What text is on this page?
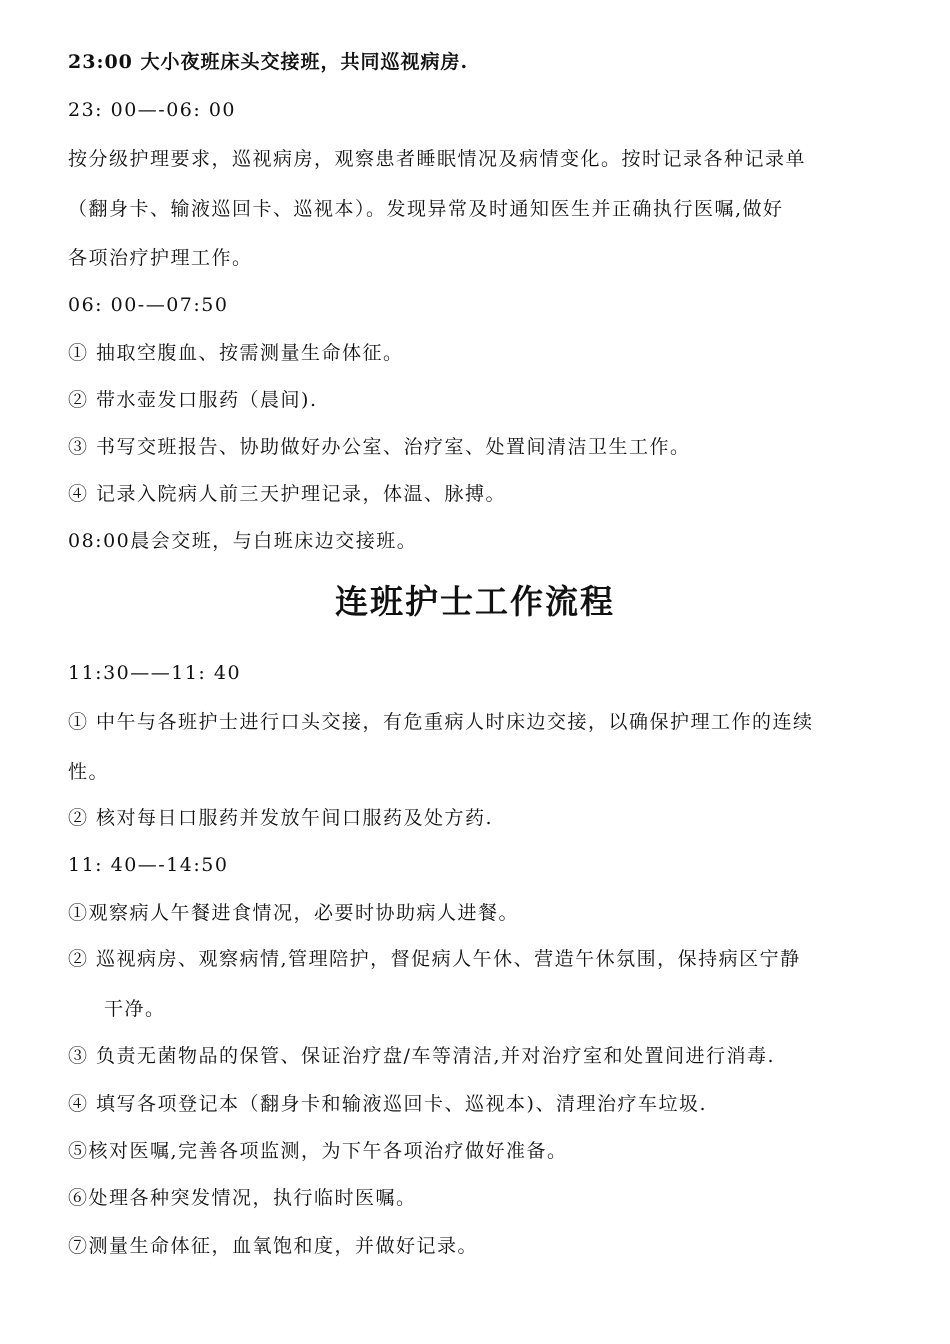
23:00 大小夜班床头交接班，共同巡视病房.
23: 00—-06: 00
按分级护理要求，巡视病房，观察患者睡眠情况及病情变化。按时记录各种记录单
（翻身卡、输液巡回卡、巡视本）。发现异常及时通知医生并正确执行医嘱,做好
各项治疗护理工作。
06: 00-—07:50
① 抽取空腹血、按需测量生命体征。
② 带水壶发口服药（晨间).
③ 书写交班报告、协助做好办公室、治疗室、处置间清洁卫生工作。
④ 记录入院病人前三天护理记录，体温、脉搏。
08:00晨会交班，与白班床边交接班。
连班护士工作流程
11:30——11: 40
① 中午与各班护士进行口头交接，有危重病人时床边交接，以确保护理工作的连续
性。
② 核对每日口服药并发放午间口服药及处方药.
11: 40—-14:50
①观察病人午餐进食情况，必要时协助病人进餐。
② 巡视病房、观察病情,管理陪护，督促病人午休、营造午休氛围，保持病区宁静
干净。
③ 负责无菌物品的保管、保证治疗盘/车等清洁,并对治疗室和处置间进行消毒.
④ 填写各项登记本（翻身卡和输液巡回卡、巡视本)、清理治疗车垃圾.
⑤核对医嘱,完善各项监测，为下午各项治疗做好准备。
⑥处理各种突发情况，执行临时医嘱。
⑦测量生命体征，血氧饱和度，并做好记录。
